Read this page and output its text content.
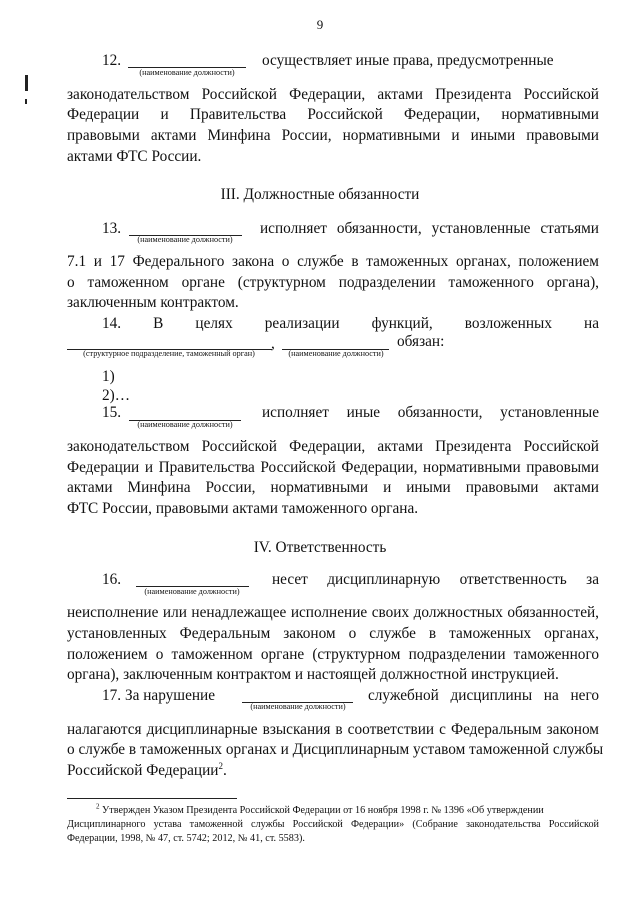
9
12.
(наименование должности)
осуществляет иные права, предусмотренные
законодательством Российской Федерации, актами Президента Российской
Федерации и Правительства Российской Федерации, нормативными
правовыми актами Минфина России, нормативными и иными правовыми
актами ФТС России.
III. Должностные обязанности
13.
(наименование должности)
исполняет обязанности, установленные статьями
7.1 и 17 Федерального закона о службе в таможенных органах, положением
о таможенном органе (структурном подразделении таможенного органа),
заключенным контрактом.
14. В целях реализации функций, возложенных на
,	обязан:
(структурное подразделение, таможенный орган)	(наименование должности)
1)
2)…
15.
(наименование должности)
исполняет иные обязанности, установленные
законодательством Российской Федерации, актами Президента Российской
Федерации и Правительства Российской Федерации, нормативными правовыми
актами Минфина России, нормативными и иными правовыми актами
ФТС России, правовыми актами таможенного органа.
IV. Ответственность
16.
(наименование должности)
несет дисциплинарную ответственность за
неисполнение или ненадлежащее исполнение своих должностных обязанностей,
установленных Федеральным законом о службе в таможенных органах,
положением о таможенном органе (структурном подразделении таможенного
органа), заключенным контрактом и настоящей должностной инструкцией.
17. За нарушение
(наименование должности)
служебной дисциплины на него
налагаются дисциплинарные взыскания в соответствии с Федеральным законом
о службе в таможенных органах и Дисциплинарным уставом таможенной службы
Российской Федерации$^2$.
$^2$ Утвержден Указом Президента Российской Федерации от 16 ноября 1998 г. № 1396 «Об утверждении
Дисциплинарного устава таможенной службы Российской Федерации» (Собрание законодательства Российской
Федерации, 1998, № 47, ст. 5742; 2012, № 41, ст. 5583).
